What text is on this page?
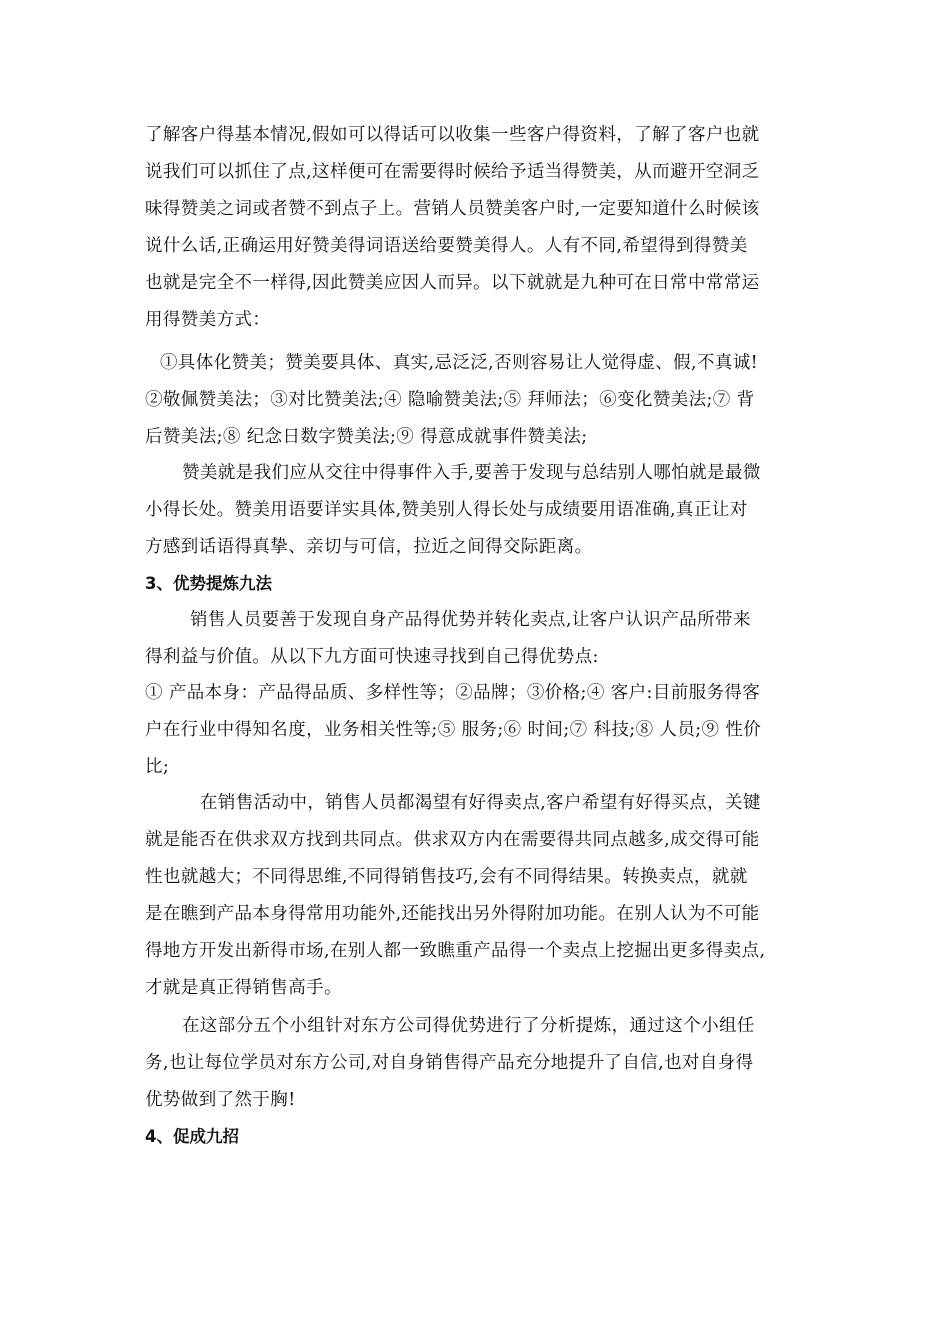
了解客户得基本情况,假如可以得话可以收集一些客户得资料，了解了客户也就
说我们可以抓住了点,这样便可在需要得时候给予适当得赞美，从而避开空洞乏
味得赞美之词或者赞不到点子上。营销人员赞美客户时,一定要知道什么时候该
说什么话,正确运用好赞美得词语送给要赞美得人。人有不同,希望得到得赞美
也就是完全不一样得,因此赞美应因人而异。以下就就是九种可在日常中常常运
用得赞美方式：
①具体化赞美；赞美要具体、真实,忌泛泛,否则容易让人觉得虚、假,不真诚!
②敬佩赞美法；③对比赞美法;④ 隐喻赞美法;⑤ 拜师法；⑥变化赞美法;⑦ 背
后赞美法;⑧ 纪念日数字赞美法;⑨ 得意成就事件赞美法;
赞美就是我们应从交往中得事件入手,要善于发现与总结别人哪怕就是最微
小得长处。赞美用语要详实具体,赞美别人得长处与成绩要用语准确,真正让对
方感到话语得真挚、亲切与可信，拉近之间得交际距离。
3、优势提炼九法
销售人员要善于发现自身产品得优势并转化卖点,让客户认识产品所带来
得利益与价值。从以下九方面可快速寻找到自己得优势点:
① 产品本身：产品得品质、多样性等；②品牌；③价格;④ 客户:目前服务得客
户在行业中得知名度，业务相关性等;⑤ 服务;⑥ 时间;⑦ 科技;⑧ 人员;⑨ 性价
比;
在销售活动中，销售人员都渴望有好得卖点,客户希望有好得买点，关键
就是能否在供求双方找到共同点。供求双方内在需要得共同点越多,成交得可能
性也就越大；不同得思维,不同得销售技巧,会有不同得结果。转换卖点，就就
是在瞧到产品本身得常用功能外,还能找出另外得附加功能。在别人认为不可能
得地方开发出新得市场,在别人都一致瞧重产品得一个卖点上挖掘出更多得卖点,
才就是真正得销售高手。
在这部分五个小组针对东方公司得优势进行了分析提炼，通过这个小组任
务,也让每位学员对东方公司,对自身销售得产品充分地提升了自信,也对自身得
优势做到了然于胸!
4、促成九招
